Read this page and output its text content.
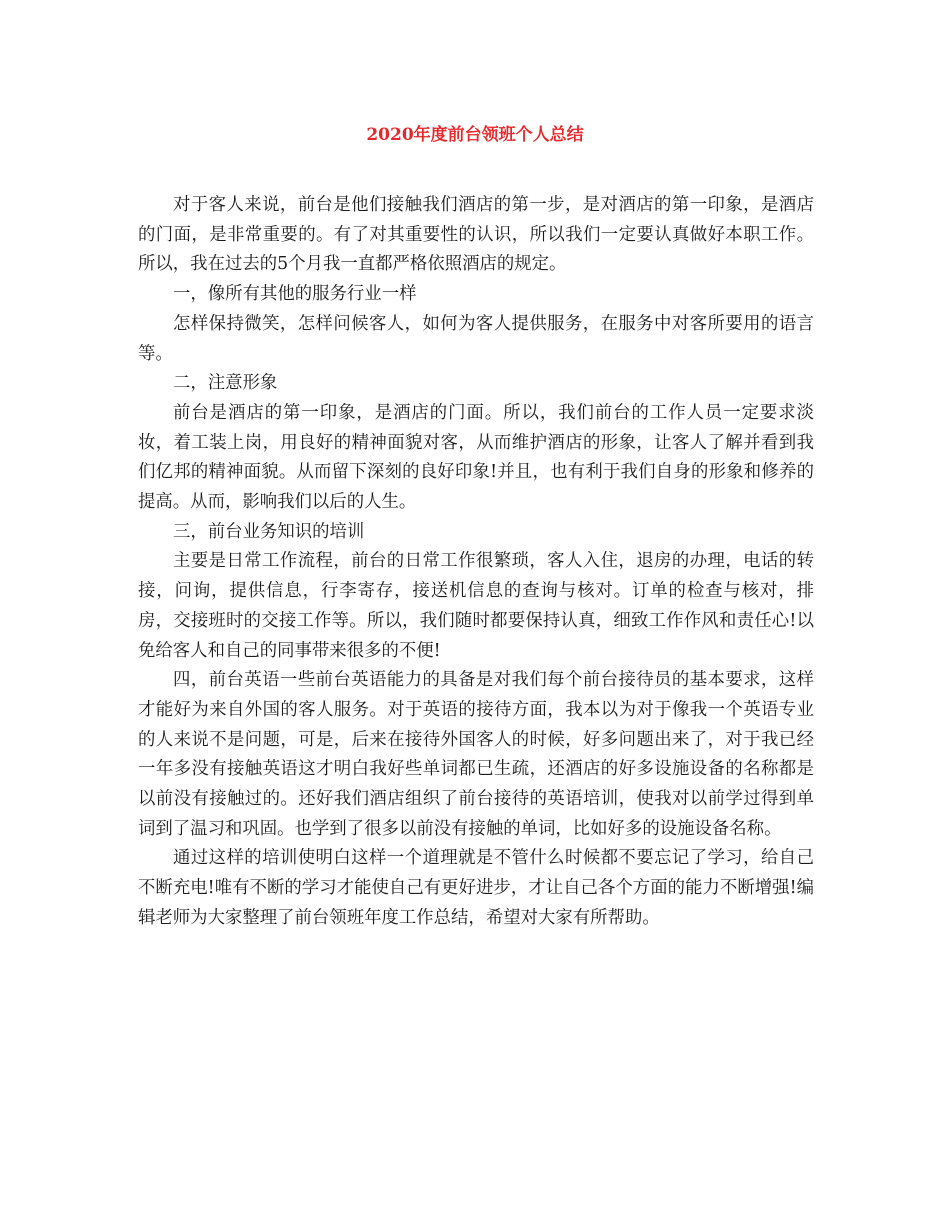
2020年度前台领班个人总结

对于客人来说，前台是他们接触我们酒店的第一步，是对酒店的第一印象，是酒店的门面，是非常重要的。有了对其重要性的认识，所以我们一定要认真做好本职工作。 所以，我在过去的5个月我一直都严格依照酒店的规定。

一，像所有其他的服务行业一样

怎样保持微笑，怎样问候客人，如何为客人提供服务，在服务中对客所要用的语言等。

二，注意形象

前台是酒店的第一印象，是酒店的门面。所以，我们前台的工作人员一定要求淡妆，着工装上岗，用良好的精神面貌对客，从而维护酒店的形象，让客人了解并看到我们亿邦的精神面貌。从而留下深刻的良好印象!并且，也有利于我们自身的形象和修养的提高。从而，影响我们以后的人生。

三，前台业务知识的培训

主要是日常工作流程，前台的日常工作很繁琐，客人入住，退房的办理，电话的转接，问询，提供信息，行李寄存，接送机信息的查询与核对。订单的检查与核对，排房，交接班时的交接工作等。所以，我们随时都要保持认真，细致工作作风和责任心!以免给客人和自己的同事带来很多的不便!

四，前台英语一些前台英语能力的具备是对我们每个前台接待员的基本要求，这样才能好为来自外国的客人服务。对于英语的接待方面，我本以为对于像我一个英语专业的人来说不是问题，可是，后来在接待外国客人的时候，好多问题出来了，对于我已经一年多没有接触英语这才明白我好些单词都已生疏，还酒店的好多设施设备的名称都是以前没有接触过的。还好我们酒店组织了前台接待的英语培训，使我对以前学过得到单词到了温习和巩固。也学到了很多以前没有接触的单词，比如好多的设施设备名称。

通过这样的培训使明白这样一个道理就是不管什么时候都不要忘记了学习，给自己不断充电!唯有不断的学习才能使自己有更好进步，才让自己各个方面的能力不断增强!编辑老师为大家整理了前台领班年度工作总结，希望对大家有所帮助。
